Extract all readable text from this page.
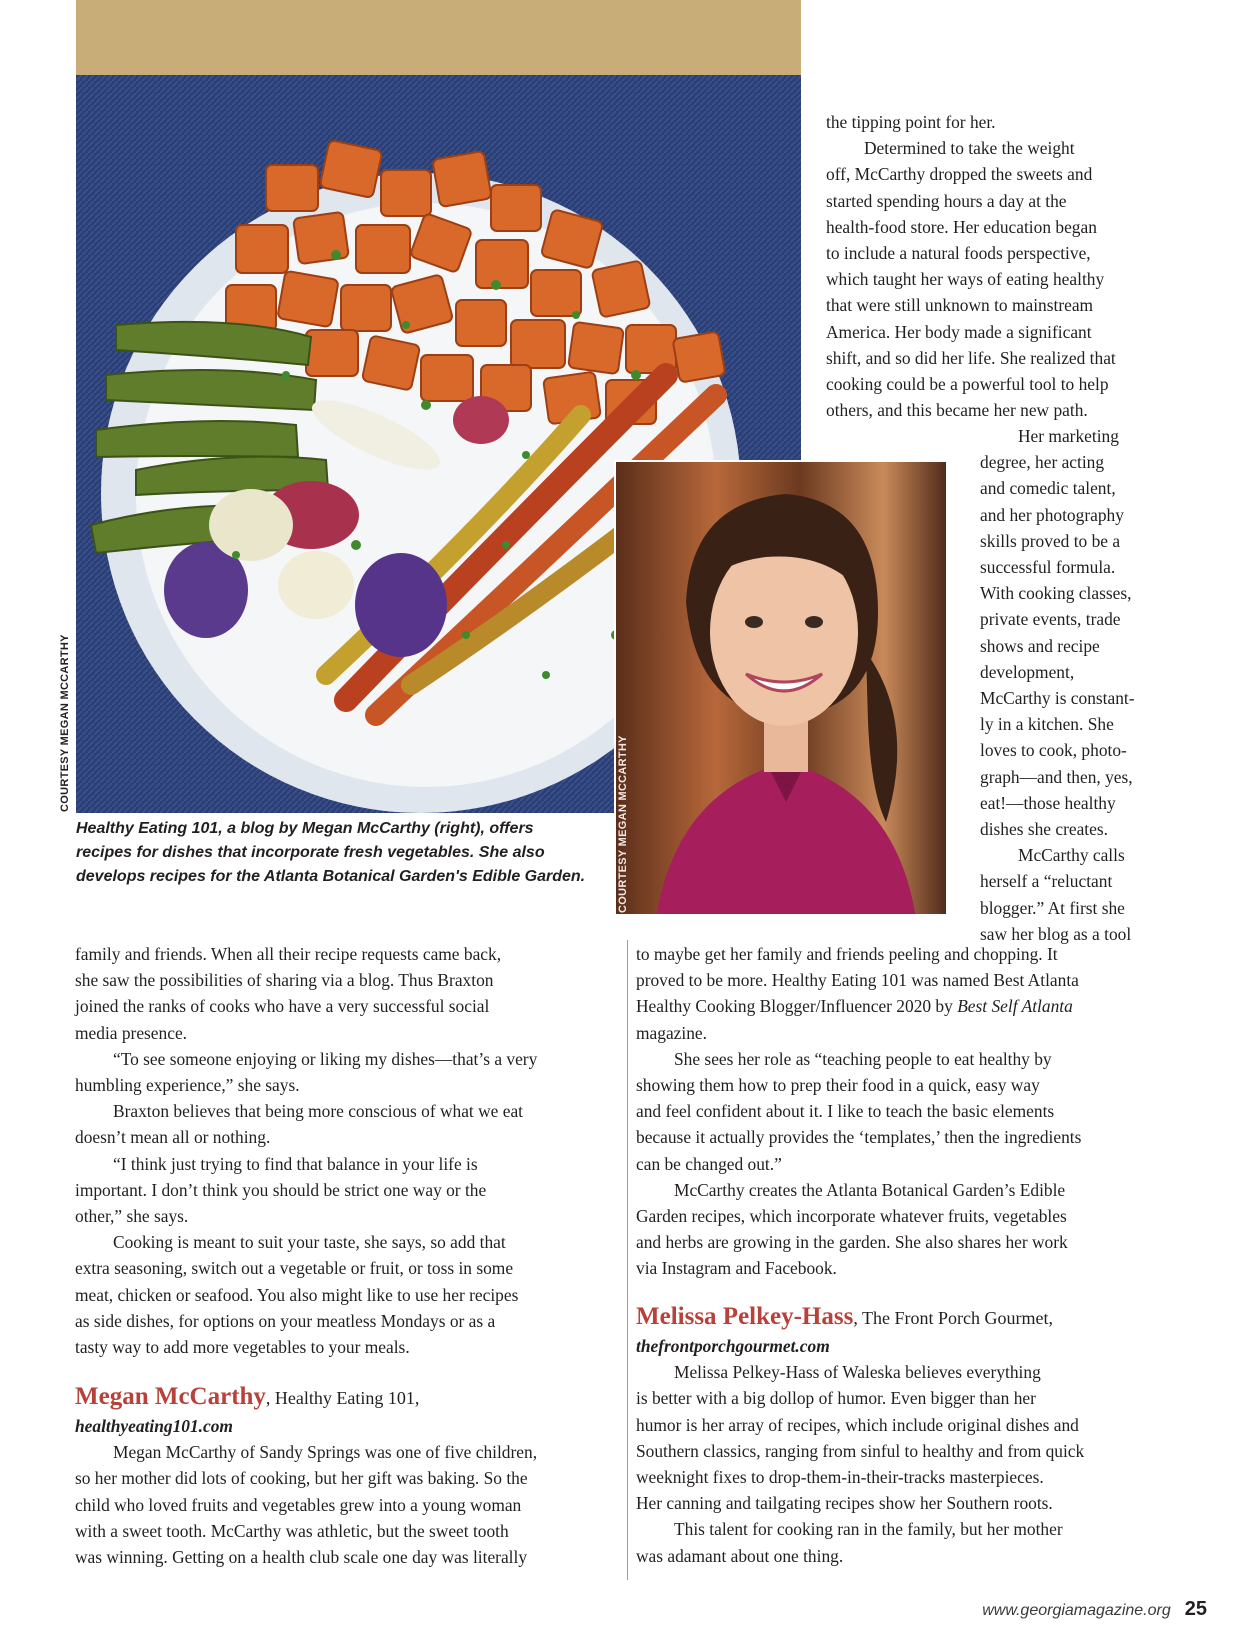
COURTESY MEGAN MCCARTHY
COURTESY MEGAN MCCARTHY
Healthy Eating 101, a blog by Megan McCarthy (right), offers
recipes for dishes that incorporate fresh vegetables. She also
develops recipes for the Atlanta Botanical Garden's Edible Garden.
the tipping point for her.
Determined to take the weight
off, McCarthy dropped the sweets and
started spending hours a day at the
health-food store. Her education began
to include a natural foods perspective,
which taught her ways of eating healthy
that were still unknown to mainstream
America. Her body made a significant
shift, and so did her life. She realized that
cooking could be a powerful tool to help
others, and this became her new path.
Her marketing
degree, her acting
and comedic talent,
and her photography
skills proved to be a
successful formula.
With cooking classes,
private events, trade
shows and recipe
development,
McCarthy is constant-
ly in a kitchen. She
loves to cook, photo-
graph—and then, yes,
eat!—those healthy
dishes she creates.
McCarthy calls
herself a “reluctant
blogger.” At first she
saw her blog as a tool
family and friends. When all their recipe requests came back,
she saw the possibilities of sharing via a blog. Thus Braxton
joined the ranks of cooks who have a very successful social
media presence.
“To see someone enjoying or liking my dishes—that’s a very
humbling experience,” she says.
Braxton believes that being more conscious of what we eat
doesn’t mean all or nothing.
“I think just trying to find that balance in your life is
important. I don’t think you should be strict one way or the
other,” she says.
Cooking is meant to suit your taste, she says, so add that
extra seasoning, switch out a vegetable or fruit, or toss in some
meat, chicken or seafood. You also might like to use her recipes
as side dishes, for options on your meatless Mondays or as a
tasty way to add more vegetables to your meals.
Megan McCarthy, Healthy Eating 101,
healthyeating101.com
Megan McCarthy of Sandy Springs was one of five children,
so her mother did lots of cooking, but her gift was baking. So the
child who loved fruits and vegetables grew into a young woman
with a sweet tooth. McCarthy was athletic, but the sweet tooth
was winning. Getting on a health club scale one day was literally
to maybe get her family and friends peeling and chopping. It
proved to be more. Healthy Eating 101 was named Best Atlanta
Healthy Cooking Blogger/Influencer 2020 by Best Self Atlanta
magazine.
She sees her role as “teaching people to eat healthy by
showing them how to prep their food in a quick, easy way
and feel confident about it. I like to teach the basic elements
because it actually provides the ‘templates,’ then the ingredients
can be changed out.”
McCarthy creates the Atlanta Botanical Garden’s Edible
Garden recipes, which incorporate whatever fruits, vegetables
and herbs are growing in the garden. She also shares her work
via Instagram and Facebook.
Melissa Pelkey-Hass, The Front Porch Gourmet,
thefrontporchgourmet.com
Melissa Pelkey-Hass of Waleska believes everything
is better with a big dollop of humor. Even bigger than her
humor is her array of recipes, which include original dishes and
Southern classics, ranging from sinful to healthy and from quick
weeknight fixes to drop-them-in-their-tracks masterpieces.
Her canning and tailgating recipes show her Southern roots.
This talent for cooking ran in the family, but her mother
was adamant about one thing.
www.georgiamagazine.org 25
